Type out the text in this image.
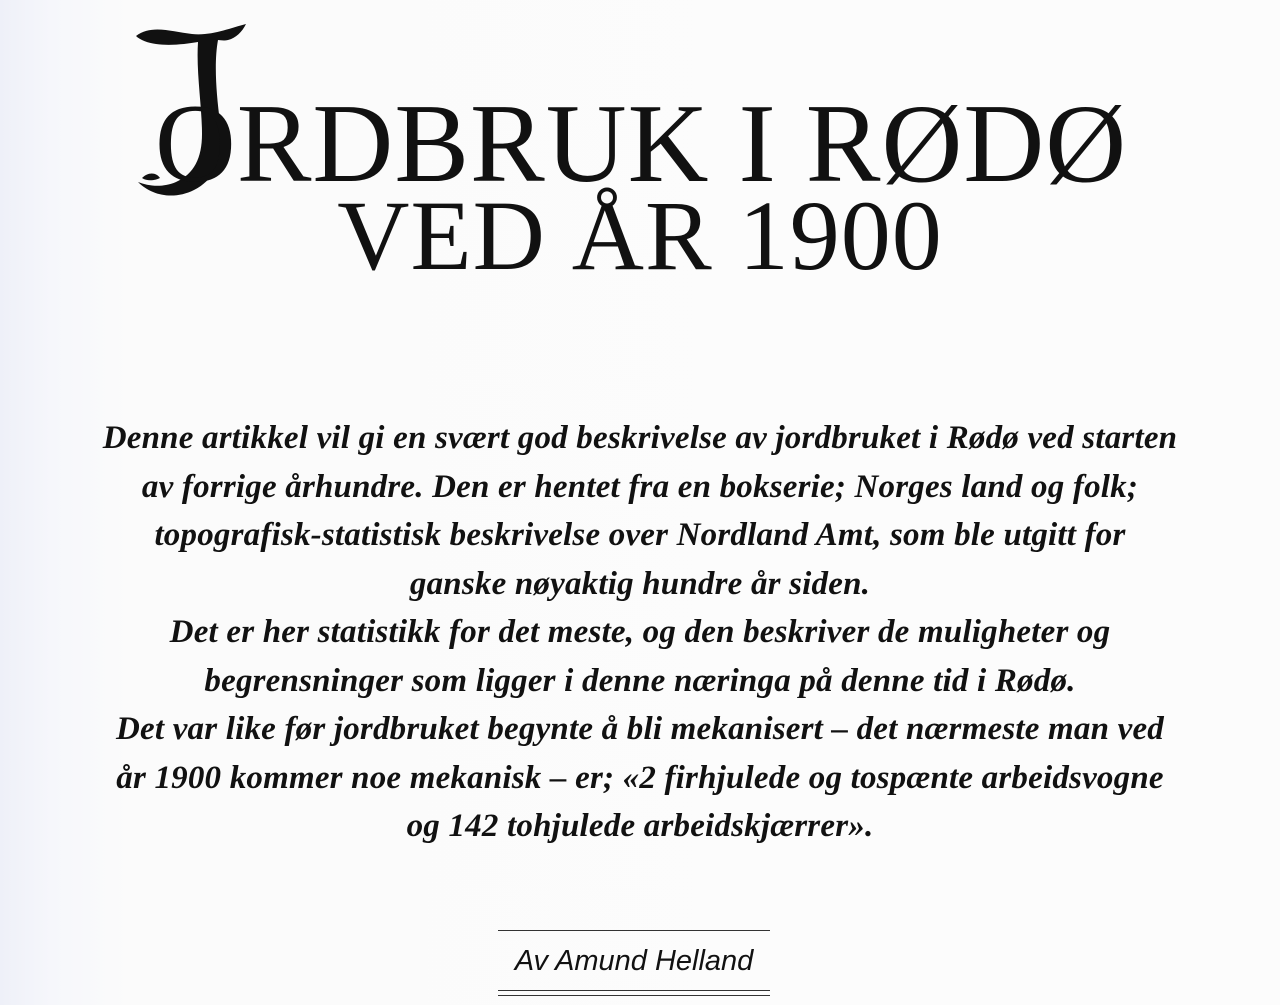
ORDBRUK I RØDØ
VED ÅR 1900
Denne artikkel vil gi en svært god beskrivelse av jordbruket i Rødø ved starten
av forrige århundre. Den er hentet fra en bokserie; Norges land og folk;
topografisk-statistisk beskrivelse over Nordland Amt, som ble utgitt for
ganske nøyaktig hundre år siden.
Det er her statistikk for det meste, og den beskriver de muligheter og
begrensninger som ligger i denne næringa på denne tid i Rødø.
Det var like før jordbruket begynte å bli mekanisert – det nærmeste man ved
år 1900 kommer noe mekanisk – er; «2 firhjulede og tospænte arbeidsvogne
og 142 tohjulede arbeidskjærrer».
Av Amund Helland
